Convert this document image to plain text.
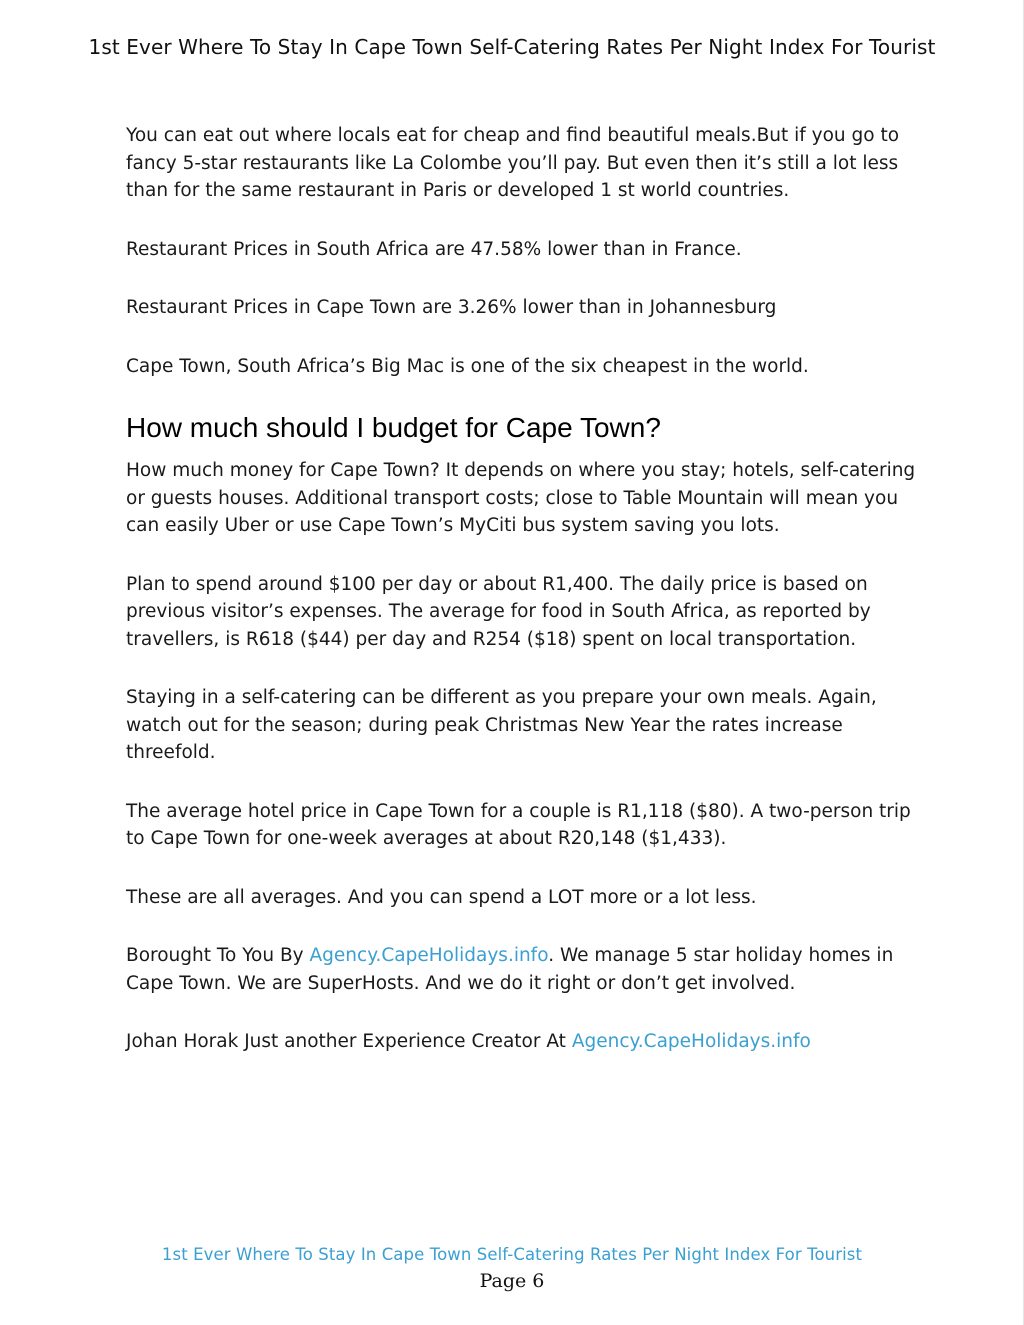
1st Ever Where To Stay In Cape Town Self-Catering Rates Per Night Index For Tourist

You can eat out where locals eat for cheap and find beautiful meals.But if you go to fancy 5-star restaurants like La Colombe you’ll pay. But even then it’s still a lot less than for the same restaurant in Paris or developed 1 st world countries.

Restaurant Prices in South Africa are 47.58% lower than in France.

Restaurant Prices in Cape Town are 3.26% lower than in Johannesburg

Cape Town, South Africa’s Big Mac is one of the six cheapest in the world.

How much should I budget for Cape Town?

How much money for Cape Town? It depends on where you stay; hotels, self-catering or guests houses. Additional transport costs; close to Table Mountain will mean you can easily Uber or use Cape Town’s MyCiti bus system saving you lots.

Plan to spend around $100 per day or about R1,400. The daily price is based on previous visitor’s expenses. The average for food in South Africa, as reported by travellers, is R618 ($44) per day and R254 ($18) spent on local transportation.

Staying in a self-catering can be different as you prepare your own meals. Again, watch out for the season; during peak Christmas New Year the rates increase threefold.

The average hotel price in Cape Town for a couple is R1,118 ($80). A two-person trip to Cape Town for one-week averages at about R20,148 ($1,433).

These are all averages. And you can spend a LOT more or a lot less.

Borought To You By Agency.CapeHolidays.info. We manage 5 star holiday homes in Cape Town. We are SuperHosts. And we do it right or don’t get involved.

Johan Horak Just another Experience Creator At Agency.CapeHolidays.info

1st Ever Where To Stay In Cape Town Self-Catering Rates Per Night Index For Tourist
Page 6
